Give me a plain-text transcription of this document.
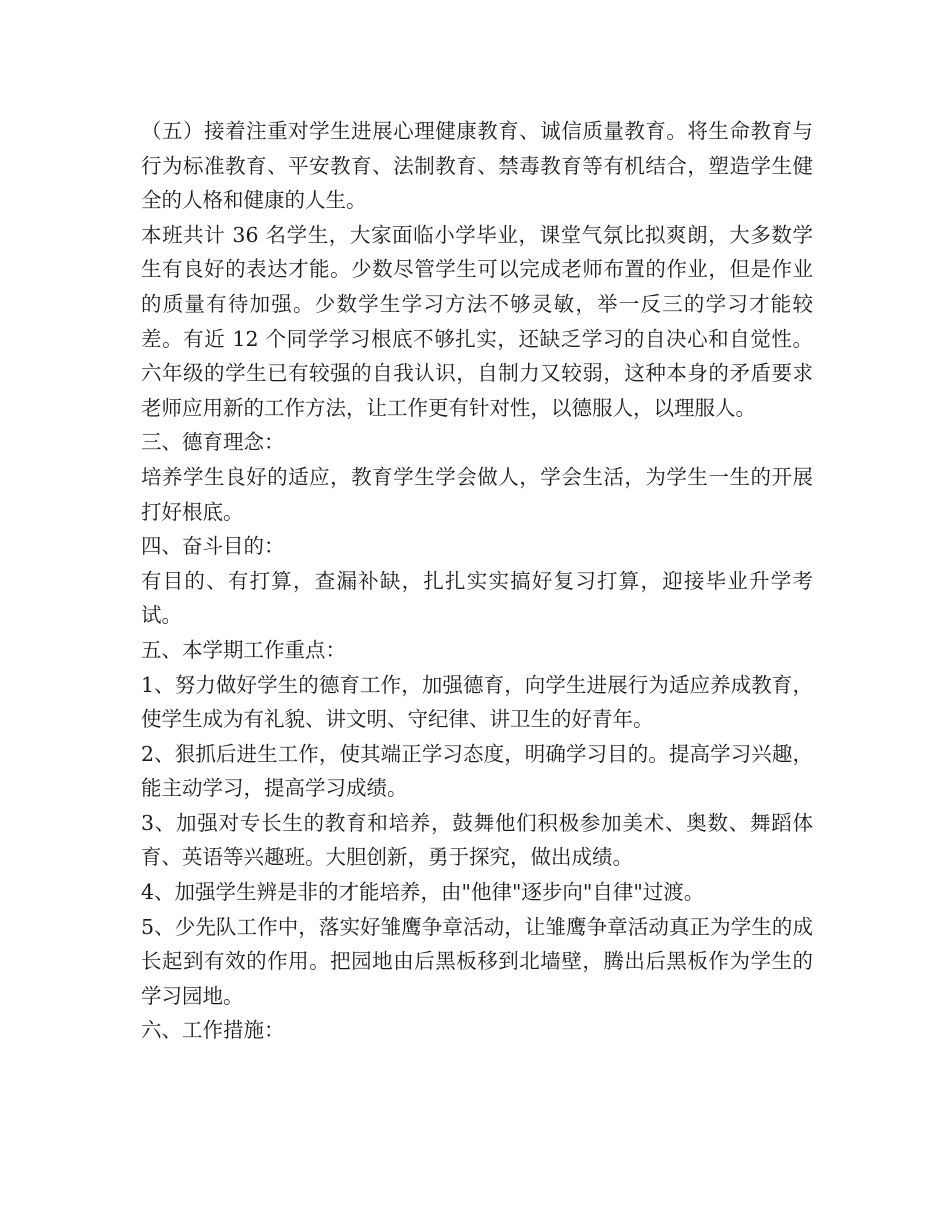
（五）接着注重对学生进展心理健康教育、诚信质量教育。将生命教育与行为标准教育、平安教育、法制教育、禁毒教育等有机结合，塑造学生健全的人格和健康的人生。

本班共计 36 名学生，大家面临小学毕业，课堂气氛比拟爽朗，大多数学生有良好的表达才能。少数尽管学生可以完成老师布置的作业，但是作业的质量有待加强。少数学生学习方法不够灵敏，举一反三的学习才能较差。有近 12 个同学学习根底不够扎实，还缺乏学习的自决心和自觉性。六年级的学生已有较强的自我认识，自制力又较弱，这种本身的矛盾要求老师应用新的工作方法，让工作更有针对性，以德服人，以理服人。

三、德育理念：

培养学生良好的适应，教育学生学会做人，学会生活，为学生一生的开展打好根底。

四、奋斗目的：

有目的、有打算，查漏补缺，扎扎实实搞好复习打算，迎接毕业升学考试。

五、本学期工作重点：

1、努力做好学生的德育工作，加强德育，向学生进展行为适应养成教育，使学生成为有礼貌、讲文明、守纪律、讲卫生的好青年。

2、狠抓后进生工作，使其端正学习态度，明确学习目的。提高学习兴趣，能主动学习，提高学习成绩。

3、加强对专长生的教育和培养，鼓舞他们积极参加美术、奥数、舞蹈体育、英语等兴趣班。大胆创新，勇于探究，做出成绩。

4、加强学生辨是非的才能培养，由"他律"逐步向"自律"过渡。

5、少先队工作中，落实好雏鹰争章活动，让雏鹰争章活动真正为学生的成长起到有效的作用。把园地由后黑板移到北墙壁，腾出后黑板作为学生的学习园地。

六、工作措施：
